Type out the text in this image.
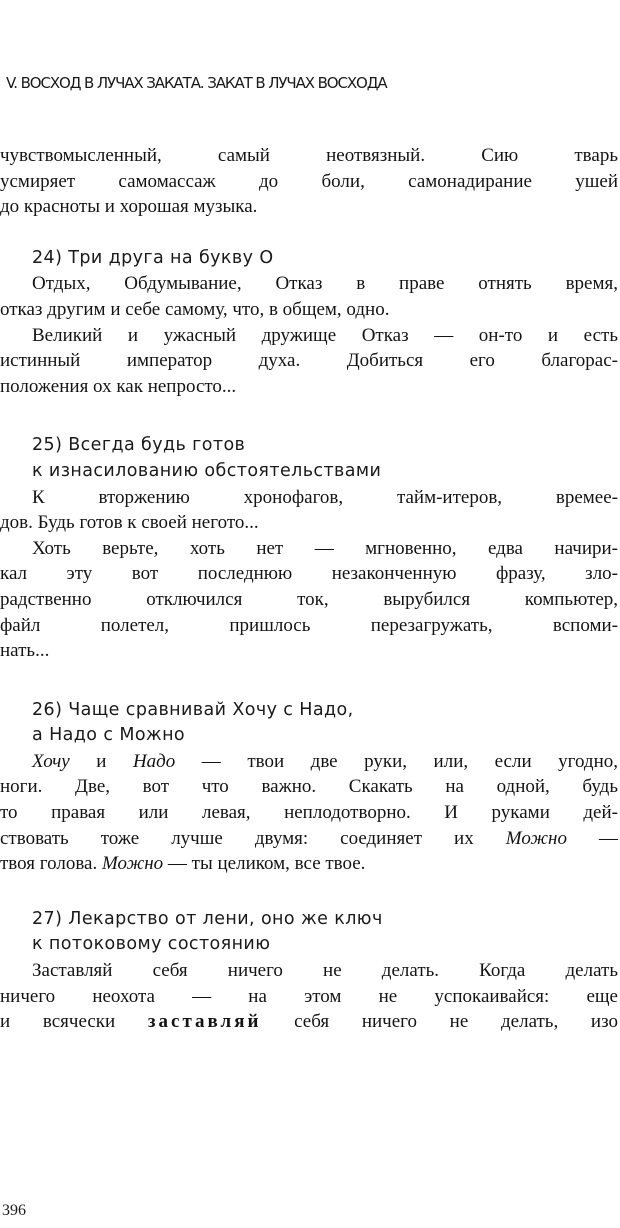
V. ВОСХОД В ЛУЧАХ ЗАКАТА. ЗАКАТ В ЛУЧАХ ВОСХОДА

чувствомысленный, самый неотвязный. Сию тварь
усмиряет самомассаж до боли, самонадирание ушей
до красноты и хорошая музыка.

24) Три друга на букву О

Отдых, Обдумывание, Отказ в праве отнять время,
отказ другим и себе самому, что, в общем, одно.

Великий и ужасный дружище Отказ — он-то и есть
истинный император духа. Добиться его благорас-
положения ох как непросто...

25) Всегда будь готов
к изнасилованию обстоятельствами

К вторжению хронофагов, тайм-итеров, времее-
дов. Будь готов к своей негото...

Хоть верьте, хоть нет — мгновенно, едва начири-
кал эту вот последнюю незаконченную фразу, зло-
радственно отключился ток, вырубился компьютер,
файл полетел, пришлось перезагружать, вспоми-
нать...

26) Чаще сравнивай Хочу с Надо,
а Надо с Можно

Хочу и Надо — твои две руки, или, если угодно,
ноги. Две, вот что важно. Скакать на одной, будь
то правая или левая, неплодотворно. И руками дей-
ствовать тоже лучше двумя: соединяет их Можно —
твоя голова. Можно — ты целиком, все твое.

27) Лекарство от лени, оно же ключ
к потоковому состоянию

Заставляй себя ничего не делать. Когда делать
ничего неохота — на этом не успокаивайся: еще
и всячески заставляй себя ничего не делать, изо

396
